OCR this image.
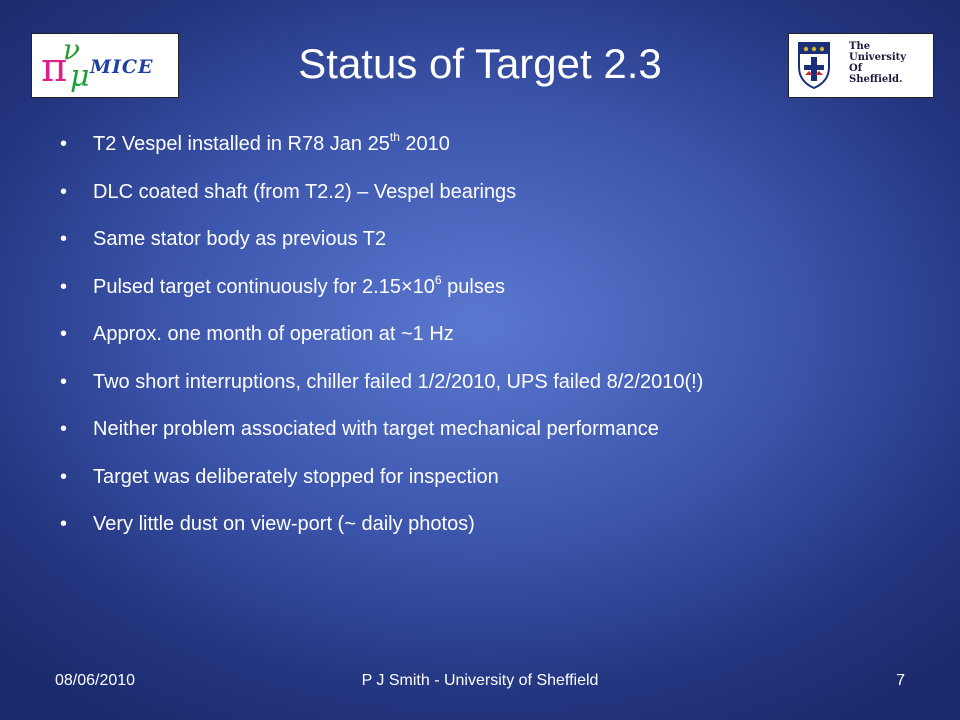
π
ν
μ MICE	Status of Target 2.3	The
University
Of
Sheffield.
• T2 Vespel installed in R78 Jan 25th 2010
• DLC coated shaft (from T2.2) – Vespel bearings
• Same stator body as previous T2
• Pulsed target continuously for $2.15\times 10^6$ pulses
• Approx. one month of operation at ~1 Hz
• Two short interruptions, chiller failed 1/2/2010, UPS failed 8/2/2010(!)
• Neither problem associated with target mechanical performance
• Target was deliberately stopped for inspection
• Very little dust on view-port (~ daily photos)
08/06/2010	P J Smith - University of Sheffield	7
